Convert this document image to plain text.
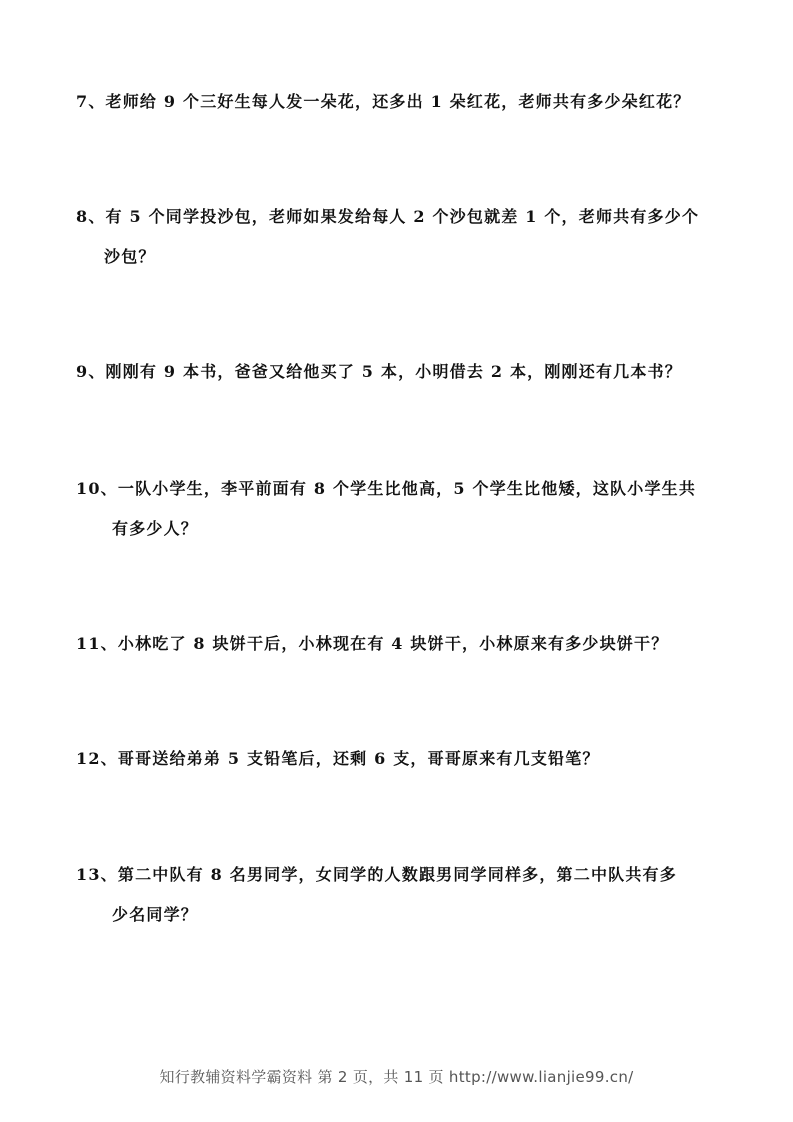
7、老师给 9 个三好生每人发一朵花，还多出 1 朵红花，老师共有多少朵红花？
8、有 5 个同学投沙包，老师如果发给每人 2 个沙包就差 1 个，老师共有多少个
沙包？
9、刚刚有 9 本书，爸爸又给他买了 5 本，小明借去 2 本，刚刚还有几本书？
10、一队小学生，李平前面有 8 个学生比他高，5 个学生比他矮，这队小学生共
有多少人？
11、小林吃了 8 块饼干后，小林现在有 4 块饼干，小林原来有多少块饼干？
12、哥哥送给弟弟 5 支铅笔后，还剩 6 支，哥哥原来有几支铅笔？
13、第二中队有 8 名男同学，女同学的人数跟男同学同样多，第二中队共有多
少名同学？
知行教辅资料学霸资料 第 2 页，共 11 页 http://www.lianjie99.cn/
